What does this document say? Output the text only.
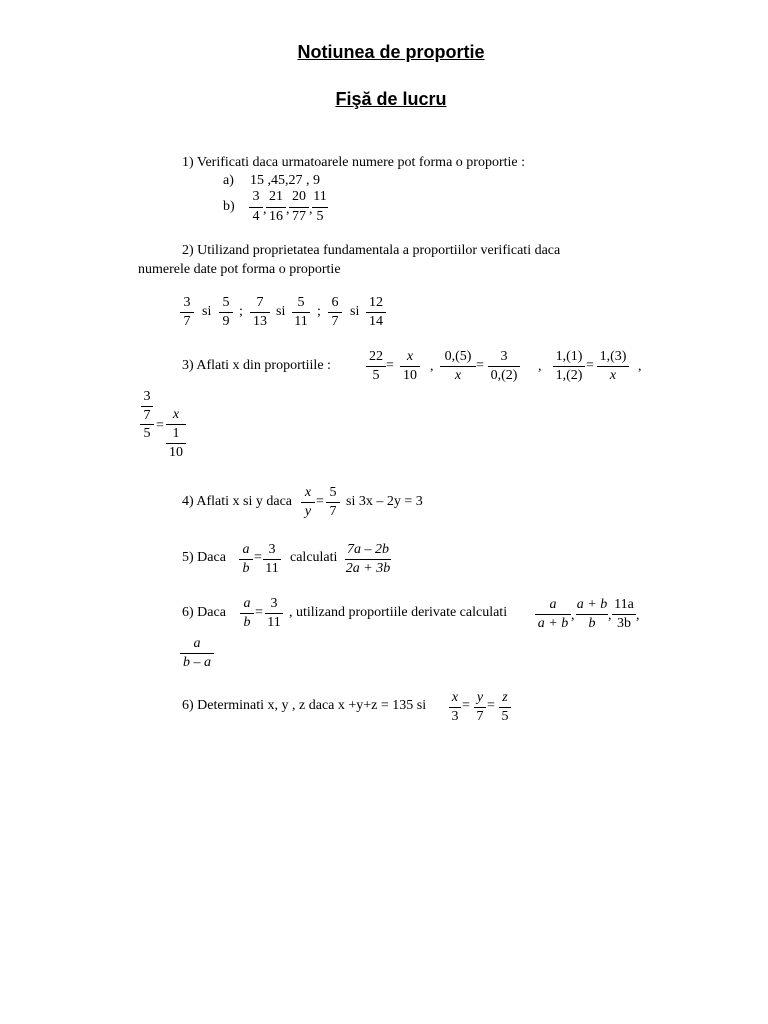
Notiunea de proportie
Fişă de lucru
1) Verificati daca urmatoarele numere pot forma o proportie :
a) 15 ,45,27 , 9
b)
3
4 ,
21
16 ,
20
77 ,
11
5
2) Utilizand proprietatea fundamentala a proportiilor verificati daca
numerele date pot forma o proportie
3
7
si
5
9
;
7
13
si
5
11
;
6
7
si
12
14
3) Aflati x din proportiile :
22
5
=
x
10
,
0,(5)
x
=
3
0,(2)
,
1,(1)
1,(2)
=
1,(3)
x
,
3
7
5
=
x
1
10
4) Aflati x si y daca
x
y
=
5
7
si 3x – 2y = 3
5) Daca
a
b
=
3
11
calculati
7a – 2b
2a + 3b
6) Daca
a
b
=
3
11
, utilizand proportiile derivate calculati
a
a + b
,
a + b
b
,
11a
3b
,
a
b – a
6) Determinati x, y , z daca x +y+z = 135 si
x
3
=
y
7
=
z
5
